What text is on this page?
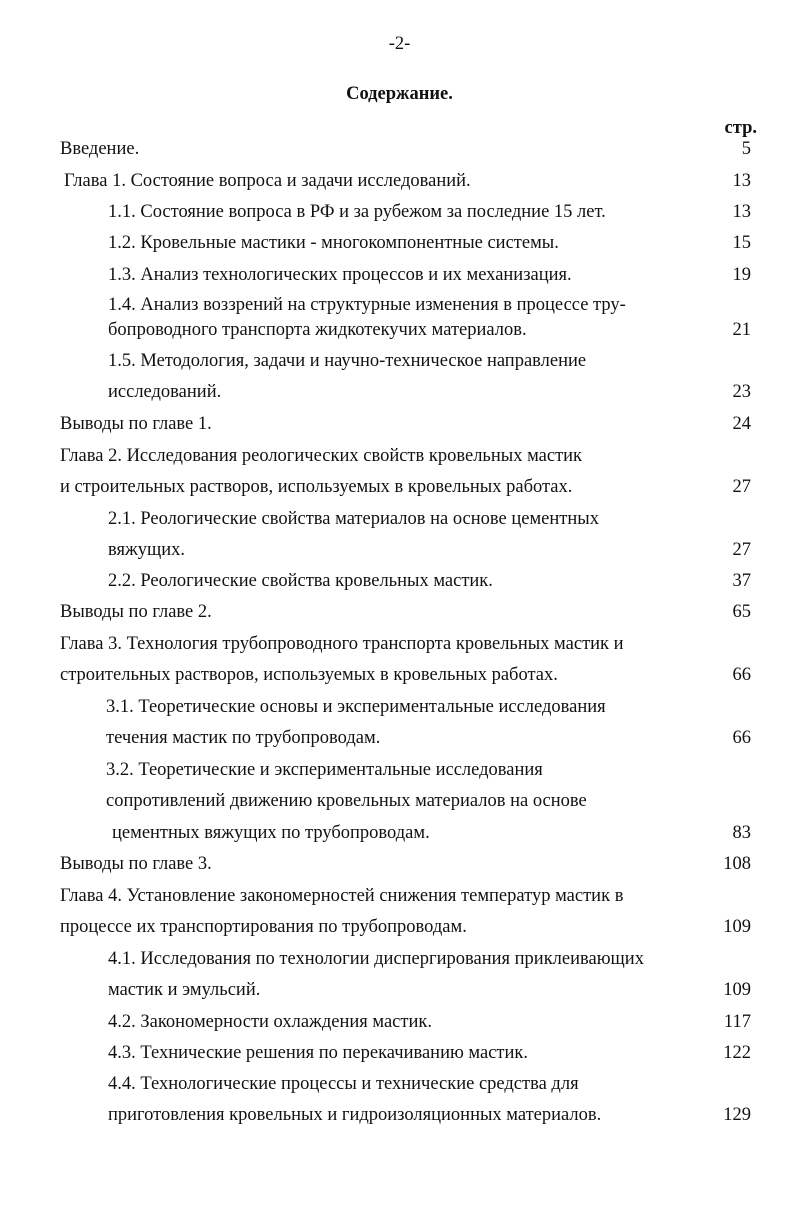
-2-
Содержание.
стр.
Введение.	5
Глава 1. Состояние вопроса и задачи исследований.	13
1.1. Состояние вопроса в РФ и за рубежом за последние 15 лет.	13
1.2. Кровельные мастики - многокомпонентные системы.	15
1.3. Анализ технологических процессов и их механизация.	19
1.4. Анализ воззрений на структурные изменения в процессе тру-
бопроводного транспорта жидкотекучих материалов.	21
1.5. Методология, задачи и научно-техническое направление
исследований.	23
Выводы по главе 1.	24
Глава 2. Исследования реологических свойств кровельных мастик
и строительных растворов, используемых в кровельных работах.	27
2.1. Реологические свойства материалов на основе цементных
вяжущих.	27
2.2. Реологические свойства кровельных мастик.	37
Выводы по главе 2.	65
Глава 3. Технология трубопроводного транспорта кровельных мастик и
строительных растворов, используемых в кровельных работах.	66
3.1. Теоретические основы и экспериментальные исследования
течения мастик по трубопроводам.	66
3.2. Теоретические и экспериментальные исследования
сопротивлений движению кровельных материалов на основе
цементных вяжущих по трубопроводам.	83
Выводы по главе 3.	108
Глава 4. Установление закономерностей снижения температур мастик в
процессе их транспортирования по трубопроводам.	109
4.1. Исследования по технологии диспергирования приклеивающих
мастик и эмульсий.	109
4.2. Закономерности охлаждения мастик.	117
4.3. Технические решения по перекачиванию мастик.	122
4.4. Технологические процессы и технические средства для
приготовления кровельных и гидроизоляционных материалов.	129
